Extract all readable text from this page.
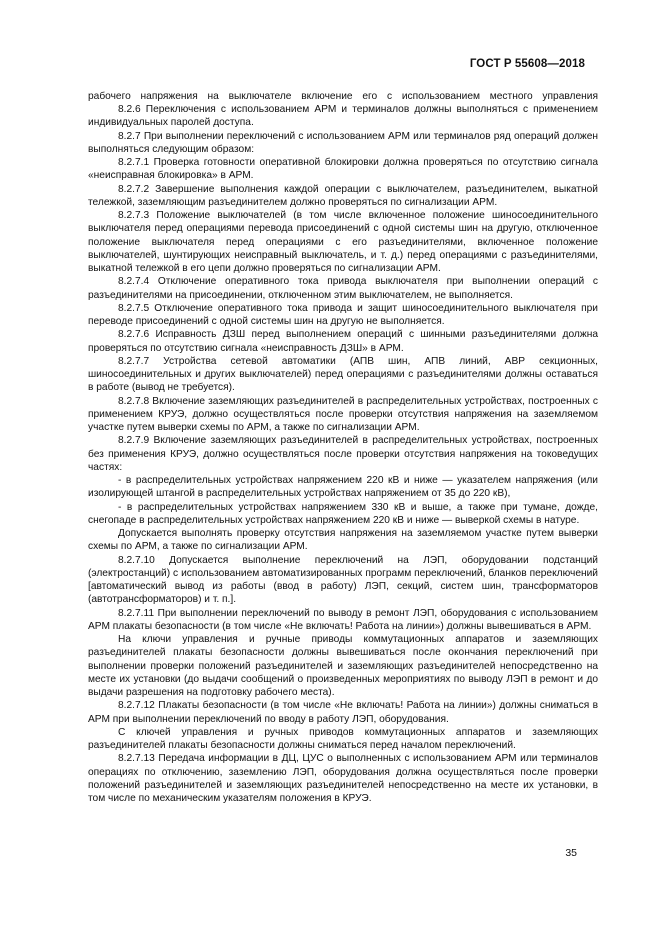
ГОСТ Р 55608—2018

рабочего напряжения на выключателе включение его с использованием местного управления

8.2.6 Переключения с использованием АРМ и терминалов должны выполняться с применением индивидуальных паролей доступа.

8.2.7 При выполнении переключений с использованием АРМ или терминалов ряд операций должен выполняться следующим образом:

8.2.7.1 Проверка готовности оперативной блокировки должна проверяться по отсутствию сигнала «неисправная блокировка» в АРМ.

8.2.7.2 Завершение выполнения каждой операции с выключателем, разъединителем, выкатной тележкой, заземляющим разъединителем должно проверяться по сигнализации АРМ.

8.2.7.3 Положение выключателей (в том числе включенное положение шиносоединительного выключателя перед операциями перевода присоединений с одной системы шин на другую, отключенное положение выключателя перед операциями с его разъединителями, включенное положение выключателей, шунтирующих неисправный выключатель, и т. д.) перед операциями с разъединителями, выкатной тележкой в его цепи должно проверяться по сигнализации АРМ.

8.2.7.4 Отключение оперативного тока привода выключателя при выполнении операций с разъединителями на присоединении, отключенном этим выключателем, не выполняется.

8.2.7.5 Отключение оперативного тока привода и защит шиносоединительного выключателя при переводе присоединений с одной системы шин на другую не выполняется.

8.2.7.6 Исправность ДЗШ перед выполнением операций с шинными разъединителями должна проверяться по отсутствию сигнала «неисправность ДЗШ» в АРМ.

8.2.7.7 Устройства сетевой автоматики (АПВ шин, АПВ линий, АВР секционных, шиносоединительных и других выключателей) перед операциями с разъединителями должны оставаться в работе (вывод не требуется).

8.2.7.8 Включение заземляющих разъединителей в распределительных устройствах, построенных с применением КРУЭ, должно осуществляться после проверки отсутствия напряжения на заземляемом участке путем выверки схемы по АРМ, а также по сигнализации АРМ.

8.2.7.9 Включение заземляющих разъединителей в распределительных устройствах, построенных без применения КРУЭ, должно осуществляться после проверки отсутствия напряжения на токоведущих частях:

- в распределительных устройствах напряжением 220 кВ и ниже — указателем напряжения (или изолирующей штангой в распределительных устройствах напряжением от 35 до 220 кВ),

- в распределительных устройствах напряжением 330 кВ и выше, а также при тумане, дожде, снегопаде в распределительных устройствах напряжением 220 кВ и ниже — выверкой схемы в натуре.

Допускается выполнять проверку отсутствия напряжения на заземляемом участке путем выверки схемы по АРМ, а также по сигнализации АРМ.

8.2.7.10 Допускается выполнение переключений на ЛЭП, оборудовании подстанций (электростанций) с использованием автоматизированных программ переключений, бланков переключений [автоматический вывод из работы (ввод в работу) ЛЭП, секций, систем шин, трансформаторов (автотрансформаторов) и т. п.].

8.2.7.11 При выполнении переключений по выводу в ремонт ЛЭП, оборудования с использованием АРМ плакаты безопасности (в том числе «Не включать! Работа на линии») должны вывешиваться в АРМ.

На ключи управления и ручные приводы коммутационных аппаратов и заземляющих разъединителей плакаты безопасности должны вывешиваться после окончания переключений при выполнении проверки положений разъединителей и заземляющих разъединителей непосредственно на месте их установки (до выдачи сообщений о произведенных мероприятиях по выводу ЛЭП в ремонт и до выдачи разрешения на подготовку рабочего места).

8.2.7.12 Плакаты безопасности (в том числе «Не включать! Работа на линии») должны сниматься в АРМ при выполнении переключений по вводу в работу ЛЭП, оборудования.

С ключей управления и ручных приводов коммутационных аппаратов и заземляющих разъединителей плакаты безопасности должны сниматься перед началом переключений.

8.2.7.13 Передача информации в ДЦ, ЦУС о выполненных с использованием АРМ или терминалов операциях по отключению, заземлению ЛЭП, оборудования должна осуществляться после проверки положений разъединителей и заземляющих разъединителей непосредственно на месте их установки, в том числе по механическим указателям положения в КРУЭ.

35
